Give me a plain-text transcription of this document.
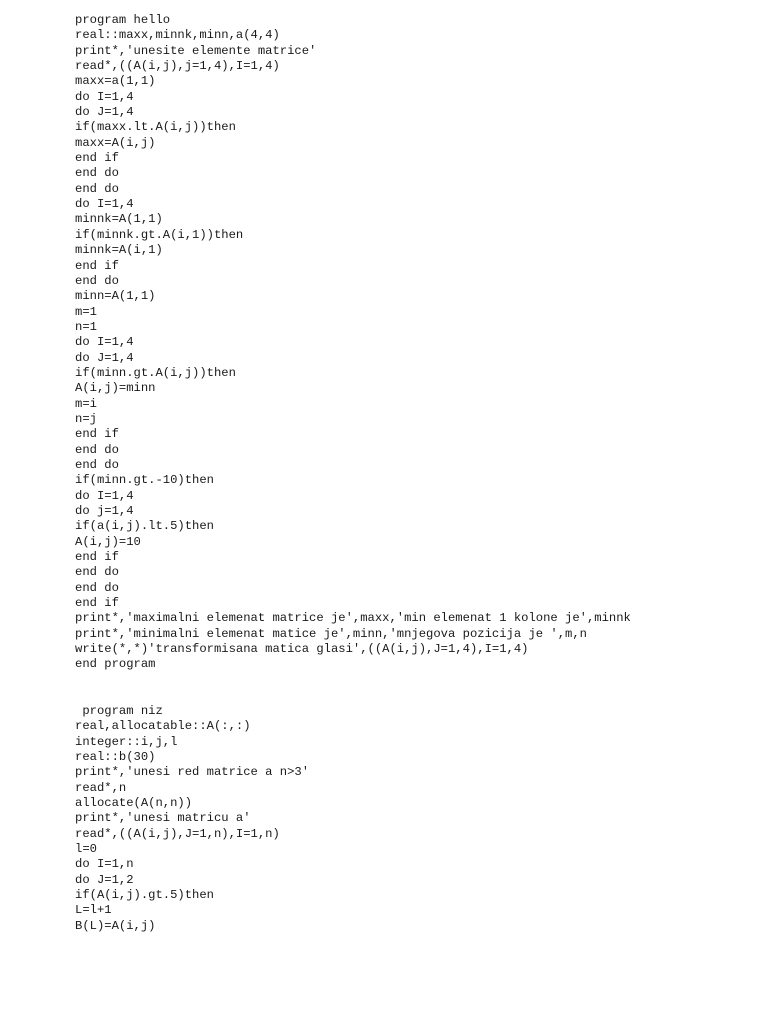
program hello
real::maxx,minnk,minn,a(4,4)
print*,'unesite elemente matrice'
read*,((A(i,j),j=1,4),I=1,4)
maxx=a(1,1)
do I=1,4
do J=1,4
if(maxx.lt.A(i,j))then
maxx=A(i,j)
end if
end do
end do
do I=1,4
minnk=A(1,1)
if(minnk.gt.A(i,1))then
minnk=A(i,1)
end if
end do
minn=A(1,1)
m=1
n=1
do I=1,4
do J=1,4
if(minn.gt.A(i,j))then
A(i,j)=minn
m=i
n=j
end if
end do
end do
if(minn.gt.-10)then
do I=1,4
do j=1,4
if(a(i,j).lt.5)then
A(i,j)=10
end if
end do
end do
end if
print*,'maximalni elemenat matrice je',maxx,'min elemenat 1 kolone je',minnk
print*,'minimalni elemenat matice je',minn,'mnjegova pozicija je ',m,n
write(*,*)'transformisana matica glasi',((A(i,j),J=1,4),I=1,4)
end program
program niz
real,allocatable::A(:,:)
integer::i,j,l
real::b(30)
print*,'unesi red matrice a n>3'
read*,n
allocate(A(n,n))
print*,'unesi matricu a'
read*,((A(i,j),J=1,n),I=1,n)
l=0
do I=1,n
do J=1,2
if(A(i,j).gt.5)then
L=l+1
B(L)=A(i,j)
